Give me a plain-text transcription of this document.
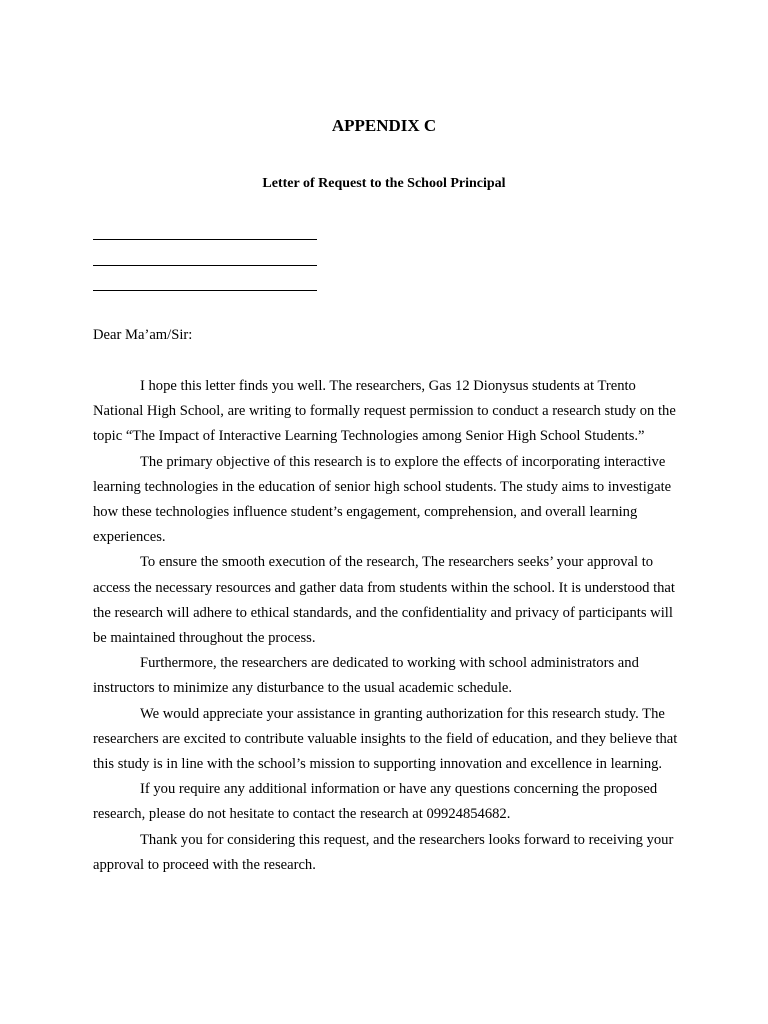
APPENDIX C
Letter of Request to the School Principal
Dear Ma’am/Sir:

I hope this letter finds you well. The researchers, Gas 12 Dionysus students at Trento National High School, are writing to formally request permission to conduct a research study on the topic “The Impact of Interactive Learning Technologies among Senior High School Students.”

The primary objective of this research is to explore the effects of incorporating interactive learning technologies in the education of senior high school students. The study aims to investigate how these technologies influence student’s engagement, comprehension, and overall learning experiences.

To ensure the smooth execution of the research, The researchers seeks’ your approval to access the necessary resources and gather data from students within the school. It is understood that the research will adhere to ethical standards, and the confidentiality and privacy of participants will be maintained throughout the process.

Furthermore, the researchers are dedicated to working with school administrators and instructors to minimize any disturbance to the usual academic schedule.

We would appreciate your assistance in granting authorization for this research study. The researchers are excited to contribute valuable insights to the field of education, and they believe that this study is in line with the school’s mission to supporting innovation and excellence in learning.

If you require any additional information or have any questions concerning the proposed research, please do not hesitate to contact the research at 09924854682.

Thank you for considering this request, and the researchers looks forward to receiving your approval to proceed with the research.
